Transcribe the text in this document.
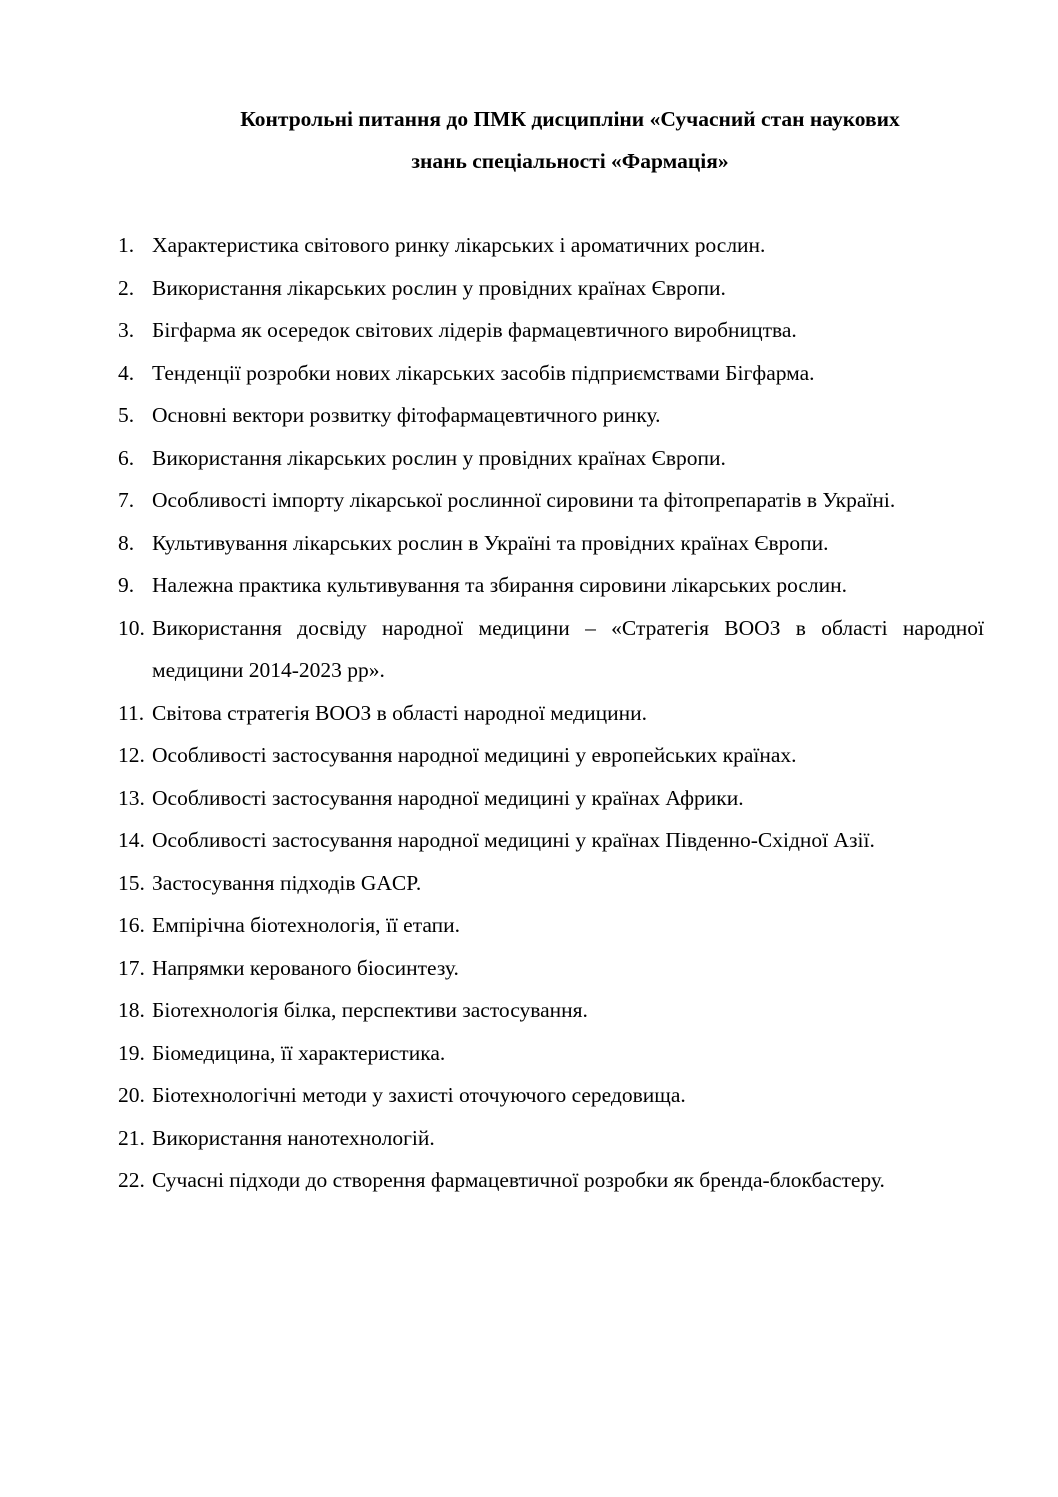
Контрольні питання до ПМК дисципліни «Сучасний стан наукових
знань спеціальності «Фармація»
1. Характеристика світового ринку лікарських і ароматичних рослин.
2. Використання лікарських рослин у провідних країнах Європи.
3. Бігфарма як осередок світових лідерів фармацевтичного виробництва.
4. Тенденції розробки нових лікарських засобів підприємствами Бігфарма.
5. Основні вектори розвитку фітофармацевтичного ринку.
6. Використання лікарських рослин у провідних країнах Європи.
7. Особливості імпорту лікарської рослинної сировини та фітопрепаратів в Україні.
8. Культивування лікарських рослин в Україні та провідних країнах Європи.
9. Належна практика культивування та збирання сировини лікарських рослин.
10. Використання досвіду народної медицини – «Стратегія ВООЗ в області народної медицини 2014-2023 рр».
11. Світова стратегія ВООЗ в області народної медицини.
12. Особливості застосування народної медицині у европейських країнах.
13. Особливості застосування народної медицині у країнах Африки.
14. Особливості застосування народної медицині у країнах Південно-Східної Азії.
15. Застосування підходів GACP.
16. Емпірічна біотехнологія, її етапи.
17. Напрямки керованого біосинтезу.
18. Біотехнологія білка, перспективи застосування.
19. Біомедицина, її характеристика.
20. Біотехнологічні методи у захисті оточуючого середовища.
21. Використання нанотехнологій.
22. Сучасні підходи до створення фармацевтичної розробки як бренда-блокбастеру.
